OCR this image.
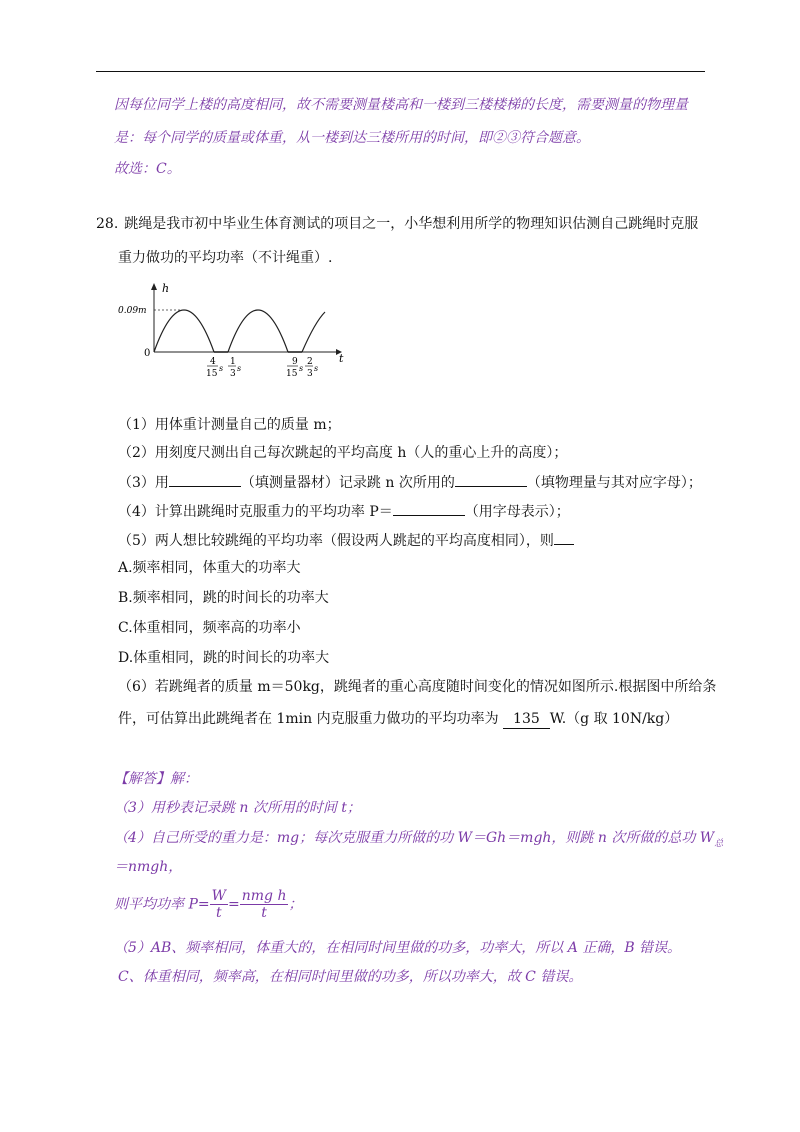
因每位同学上楼的高度相同，故不需要测量楼高和一楼到三楼楼梯的长度，需要测量的物理量
是：每个同学的质量或体重，从一楼到达三楼所用的时间，即②③符合题意。
故选：C。
28. 跳绳是我市初中毕业生体育测试的项目之一，小华想利用所学的物理知识估测自己跳绳时克服
重力做功的平均功率（不计绳重）.
h
t
0
0.09m
4
15
s
1
3
s
9
15
s
2
3
s
（1）用体重计测量自己的质量 m；
（2）用刻度尺测出自己每次跳起的平均高度 h（人的重心上升的高度）；
（3）用	（填测量器材）记录跳 n 次所用的	（填物理量与其对应字母）；
（4）计算出跳绳时克服重力的平均功率 P＝	（用字母表示）；
（5）两人想比较跳绳的平均功率（假设两人跳起的平均高度相同），则
A.频率相同，体重大的功率大
B.频率相同，跳的时间长的功率大
C.体重相同，频率高的功率小
D.体重相同，跳的时间长的功率大
（6）若跳绳者的质量 m＝50kg，跳绳者的重心高度随时间变化的情况如图所示.根据图中所给条
件，可估算出此跳绳者在 1min 内克服重力做功的平均功率为 135 W.（g 取 10N/kg）
【解答】解：
（3）用秒表记录跳 n 次所用的时间 t；
（4）自己所受的重力是：mg；每次克服重力所做的功 W＝Gh＝mgh，则跳 n 次所做的总功 $W_总$
＝nmgh，
则平均功率 $P= \frac{W}{t} = \frac{\text{nmg h}}{t}$ ；
（5）AB、频率相同，体重大的，在相同时间里做的功多，功率大，所以 A 正确，B 错误。
C、体重相同，频率高，在相同时间里做的功多，所以功率大，故 C 错误。
